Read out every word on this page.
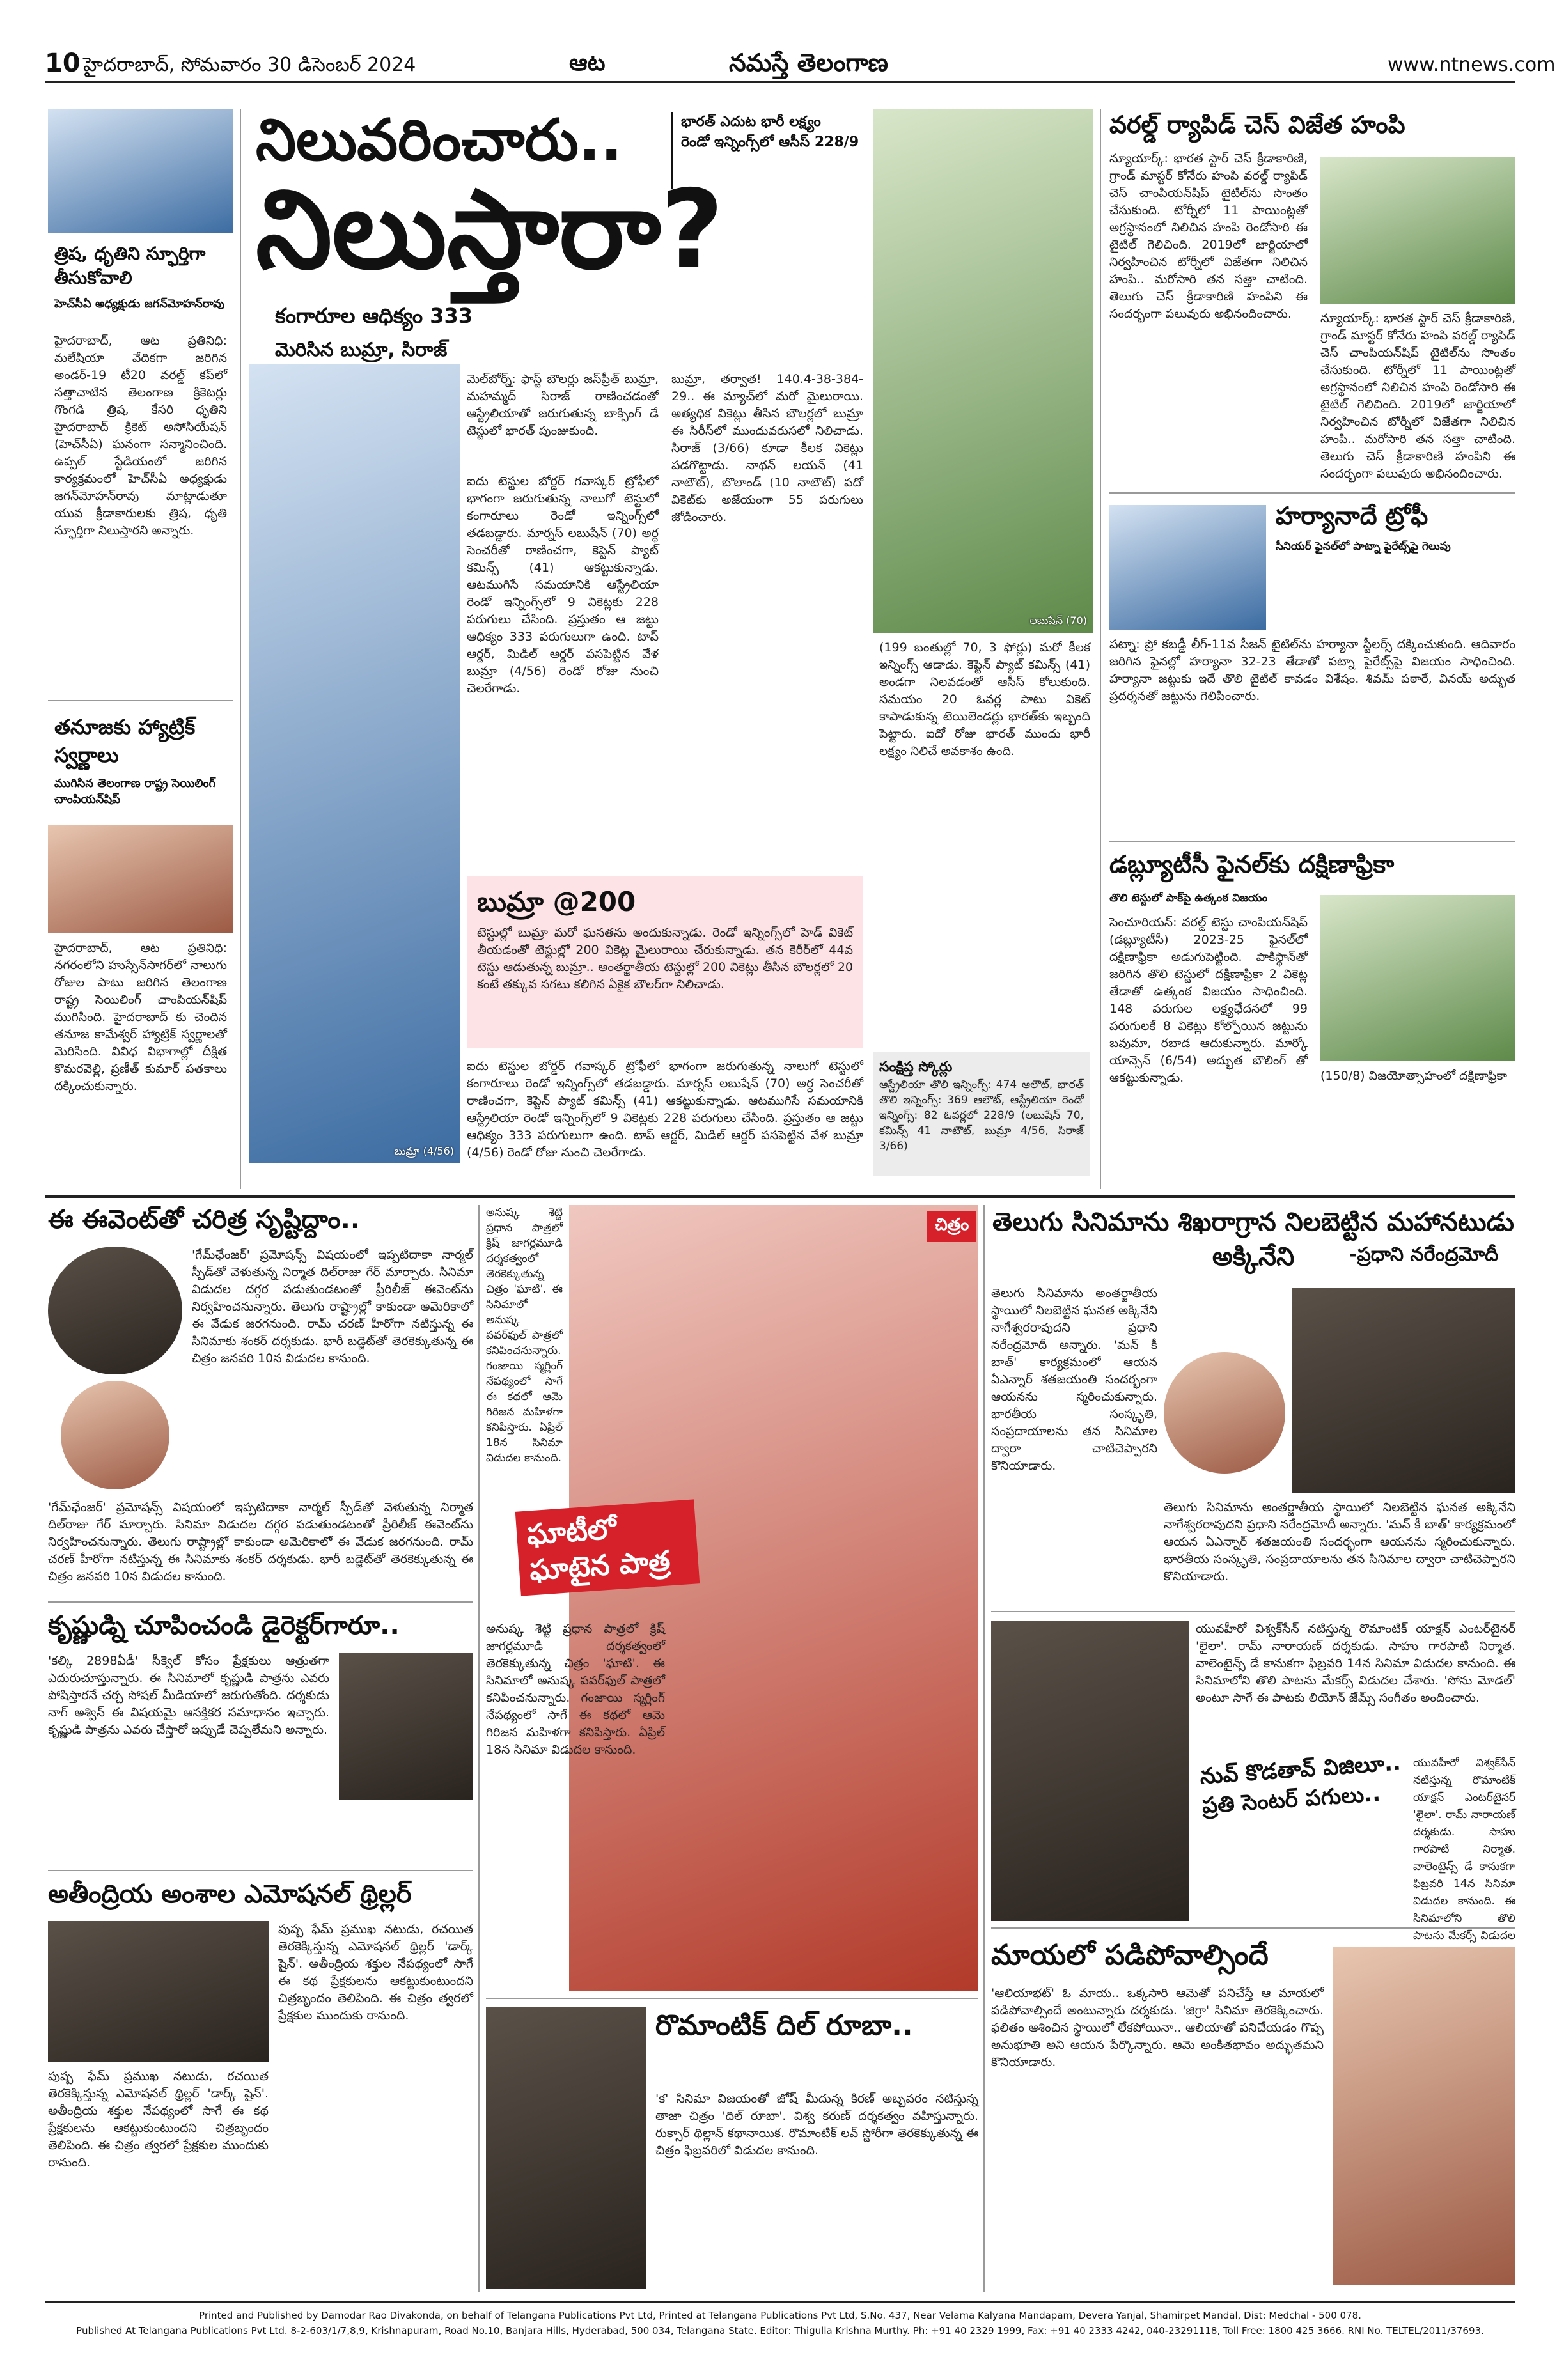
10 హైదరాబాద్, సోమవారం 30 డిసెంబర్ 2024	ఆట	నమస్తే తెలంగాణ	www.ntnews.com
త్రిష, ధృతిని స్ఫూర్తిగా తీసుకోవాలి
హెచ్‌సీఏ అధ్యక్షుడు జగన్‌మోహన్‌రావు
హైదరాబాద్, ఆట ప్రతినిధి: మలేషియా వేదికగా జరిగిన అండర్-19 టీ20 వరల్డ్ కప్‌లో సత్తాచాటిన తెలంగాణ క్రికెటర్లు గొంగడి త్రిష, కేసరి ధృతిని హైదరాబాద్ క్రికెట్ అసోసియేషన్ (హెచ్‌సీఏ) ఘనంగా సన్మానించింది. ఉప్పల్ స్టేడియంలో జరిగిన కార్యక్రమంలో హెచ్‌సీఏ అధ్యక్షుడు జగన్‌మోహన్‌రావు మాట్లాడుతూ యువ క్రీడాకారులకు త్రిష, ధృతి స్ఫూర్తిగా నిలుస్తారని అన్నారు.
తనూజకు హ్యాట్రిక్ స్వర్ణాలు
ముగిసిన తెలంగాణ రాష్ట్ర సెయిలింగ్ చాంపియన్‌షిప్
హైదరాబాద్, ఆట ప్రతినిధి: నగరంలోని హుస్సేన్‌సాగర్‌లో నాలుగు రోజుల పాటు జరిగిన తెలంగాణ రాష్ట్ర సెయిలింగ్ చాంపియన్‌షిప్ ముగిసింది. హైదరాబాద్ కు చెందిన తనూజ కామేశ్వర్ హ్యాట్రిక్ స్వర్ణాలతో మెరిసింది. వివిధ విభాగాల్లో దీక్షిత కొమరవెల్లి, ప్రణీత్ కుమార్ పతకాలు దక్కించుకున్నారు.
నిలువరించారు..
నిలుస్తారా?
భారత్ ఎదుట భారీ లక్ష్యం
రెండో ఇన్నింగ్స్‌లో ఆసీస్ 228/9
కంగారూల ఆధిక్యం 333
మెరిసిన బుమ్రా, సిరాజ్
బుమ్రా (4/56)
మెల్‌బోర్న్: ఫాస్ట్ బౌలర్లు జస్‌ప్రీత్ బుమ్రా, మహమ్మద్ సిరాజ్ రాణించడంతో ఆస్ట్రేలియాతో జరుగుతున్న బాక్సింగ్ డే టెస్టులో భారత్ పుంజుకుంది.
ఐదు టెస్టుల బోర్డర్ గవాస్కర్ ట్రోఫీలో భాగంగా జరుగుతున్న నాలుగో టెస్టులో కంగారూలు రెండో ఇన్నింగ్స్‌లో తడబడ్డారు. మార్నస్ లబుషేన్ (70) అర్ధ సెంచరీతో రాణించగా, కెప్టెన్ ప్యాట్ కమిన్స్ (41) ఆకట్టుకున్నాడు. ఆటముగిసే సమయానికి ఆస్ట్రేలియా రెండో ఇన్నింగ్స్‌లో 9 వికెట్లకు 228 పరుగులు చేసింది. ప్రస్తుతం ఆ జట్టు ఆధిక్యం 333 పరుగులుగా ఉంది. టాప్ ఆర్డర్, మిడిల్ ఆర్డర్ పసపెట్టిన వేళ బుమ్రా (4/56) రెండో రోజు నుంచి చెలరేగాడు.
బుమ్రా, తర్వాత! 140.4-38-384-29.. ఈ మ్యాచ్‌లో మరో మైలురాయి. అత్యధిక వికెట్లు తీసిన బౌలర్లలో బుమ్రా ఈ సిరీస్‌లో ముందువరుసలో నిలిచాడు. సిరాజ్ (3/66) కూడా కీలక వికెట్లు పడగొట్టాడు. నాథన్ లయన్ (41 నాటౌట్), బొలాండ్ (10 నాటౌట్) పదో వికెట్‌కు అజేయంగా 55 పరుగులు జోడించారు.
లబుషేన్ (70)
(199 బంతుల్లో 70, 3 ఫోర్లు) మరో కీలక ఇన్నింగ్స్ ఆడాడు. కెప్టెన్ ప్యాట్ కమిన్స్ (41) అండగా నిలవడంతో ఆసీస్ కోలుకుంది. సమయం 20 ఓవర్ల పాటు వికెట్ కాపాడుకున్న టెయిలెండర్లు భారత్‌కు ఇబ్బంది పెట్టారు. ఐదో రోజు భారత్ ముందు భారీ లక్ష్యం నిలిచే అవకాశం ఉంది.
బుమ్రా @200
టెస్టుల్లో బుమ్రా మరో ఘనతను అందుకున్నాడు. రెండో ఇన్నింగ్స్‌లో హెడ్ వికెట్ తీయడంతో టెస్టుల్లో 200 వికెట్ల మైలురాయి చేరుకున్నాడు. తన కెరీర్‌లో 44వ టెస్టు ఆడుతున్న బుమ్రా.. అంతర్జాతీయ టెస్టుల్లో 200 వికెట్లు తీసిన బౌలర్లలో 20 కంటే తక్కువ సగటు కలిగిన ఏకైక బౌలర్‌గా నిలిచాడు.
ఐదు టెస్టుల బోర్డర్ గవాస్కర్ ట్రోఫీలో భాగంగా జరుగుతున్న నాలుగో టెస్టులో కంగారూలు రెండో ఇన్నింగ్స్‌లో తడబడ్డారు. మార్నస్ లబుషేన్ (70) అర్ధ సెంచరీతో రాణించగా, కెప్టెన్ ప్యాట్ కమిన్స్ (41) ఆకట్టుకున్నాడు. ఆటముగిసే సమయానికి ఆస్ట్రేలియా రెండో ఇన్నింగ్స్‌లో 9 వికెట్లకు 228 పరుగులు చేసింది. ప్రస్తుతం ఆ జట్టు ఆధిక్యం 333 పరుగులుగా ఉంది. టాప్ ఆర్డర్, మిడిల్ ఆర్డర్ పసపెట్టిన వేళ బుమ్రా (4/56) రెండో రోజు నుంచి చెలరేగాడు.
సంక్షిప్త స్కోర్లు
ఆస్ట్రేలియా తొలి ఇన్నింగ్స్: 474 ఆలౌట్, భారత్ తొలి ఇన్నింగ్స్: 369 ఆలౌట్, ఆస్ట్రేలియా రెండో ఇన్నింగ్స్: 82 ఓవర్లలో 228/9 (లబుషేన్ 70, కమిన్స్ 41 నాటౌట్, బుమ్రా 4/56, సిరాజ్ 3/66)
వరల్డ్ ర్యాపిడ్ చెస్ విజేత హంపి
న్యూయార్క్: భారత స్టార్ చెస్ క్రీడాకారిణి, గ్రాండ్ మాస్టర్ కోనేరు హంపి వరల్డ్ ర్యాపిడ్ చెస్ చాంపియన్‌షిప్ టైటిల్‌ను సొంతం చేసుకుంది. టోర్నీలో 11 పాయింట్లతో అగ్రస్థానంలో నిలిచిన హంపి రెండోసారి ఈ టైటిల్ గెలిచింది. 2019లో జార్జియాలో నిర్వహించిన టోర్నీలో విజేతగా నిలిచిన హంపి.. మరోసారి తన సత్తా చాటింది. తెలుగు చెస్ క్రీడాకారిణి హంపిని ఈ సందర్భంగా పలువురు అభినందించారు.	న్యూయార్క్: భారత స్టార్ చెస్ క్రీడాకారిణి, గ్రాండ్ మాస్టర్ కోనేరు హంపి వరల్డ్ ర్యాపిడ్ చెస్ చాంపియన్‌షిప్ టైటిల్‌ను సొంతం చేసుకుంది. టోర్నీలో 11 పాయింట్లతో అగ్రస్థానంలో నిలిచిన హంపి రెండోసారి ఈ టైటిల్ గెలిచింది. 2019లో జార్జియాలో నిర్వహించిన టోర్నీలో విజేతగా నిలిచిన హంపి.. మరోసారి తన సత్తా చాటింది. తెలుగు చెస్ క్రీడాకారిణి హంపిని ఈ సందర్భంగా పలువురు అభినందించారు.
హర్యానాదే ట్రోఫీ
సీనియర్ ఫైనల్‌లో పాట్నా పైరేట్స్‌పై గెలుపు
పట్నా: ప్రో కబడ్డీ లీగ్-11వ సీజన్ టైటిల్‌ను హర్యానా స్టీలర్స్ దక్కించుకుంది. ఆదివారం జరిగిన ఫైనల్లో హర్యానా 32-23 తేడాతో పట్నా పైరేట్స్‌పై విజయం సాధించింది. హర్యానా జట్టుకు ఇదే తొలి టైటిల్ కావడం విశేషం. శివమ్ పఠారే, వినయ్ అద్భుత ప్రదర్శనతో జట్టును గెలిపించారు.
డబ్ల్యూటీసీ ఫైనల్‌కు దక్షిణాఫ్రికా
తొలి టెస్టులో పాక్‌పై ఉత్కంఠ విజయం
సెంచూరియన్: వరల్డ్ టెస్టు చాంపియన్‌షిప్ (డబ్ల్యూటీసీ) 2023-25 ఫైనల్‌లో దక్షిణాఫ్రికా అడుగుపెట్టింది. పాకిస్థాన్‌తో జరిగిన తొలి టెస్టులో దక్షిణాఫ్రికా 2 వికెట్ల తేడాతో ఉత్కంఠ విజయం సాధించింది. 148 పరుగుల లక్ష్యఛేదనలో 99 పరుగులకే 8 వికెట్లు కోల్పోయిన జట్టును బవుమా, రబాడ ఆదుకున్నారు. మార్కో యాన్సెన్ (6/54) అద్భుత బౌలింగ్ తో ఆకట్టుకున్నాడు.	(150/8) విజయోత్సాహంలో దక్షిణాఫ్రికా
ఈ ఈవెంట్‌తో చరిత్ర సృష్టిద్దాం..
'గేమ్‌ఛేంజర్' ప్రమోషన్స్ విషయంలో ఇప్పటిదాకా నార్మల్ స్పీడ్‌తో వెళుతున్న నిర్మాత దిల్‌రాజు గేర్ మార్చారు. సినిమా విడుదల దగ్గర పడుతుండటంతో ప్రీరిలీజ్ ఈవెంట్‌ను నిర్వహించనున్నారు. తెలుగు రాష్ట్రాల్లో కాకుండా అమెరికాలో ఈ వేడుక జరగనుంది. రామ్ చరణ్ హీరోగా నటిస్తున్న ఈ సినిమాకు శంకర్ దర్శకుడు. భారీ బడ్జెట్‌తో తెరకెక్కుతున్న ఈ చిత్రం జనవరి 10న విడుదల కానుంది.
'గేమ్‌ఛేంజర్' ప్రమోషన్స్ విషయంలో ఇప్పటిదాకా నార్మల్ స్పీడ్‌తో వెళుతున్న నిర్మాత దిల్‌రాజు గేర్ మార్చారు. సినిమా విడుదల దగ్గర పడుతుండటంతో ప్రీరిలీజ్ ఈవెంట్‌ను నిర్వహించనున్నారు. తెలుగు రాష్ట్రాల్లో కాకుండా అమెరికాలో ఈ వేడుక జరగనుంది. రామ్ చరణ్ హీరోగా నటిస్తున్న ఈ సినిమాకు శంకర్ దర్శకుడు. భారీ బడ్జెట్‌తో తెరకెక్కుతున్న ఈ చిత్రం జనవరి 10న విడుదల కానుంది.
కృష్ణుడ్ని చూపించండి డైరెక్టర్‌గారూ..
'కల్కి 2898ఏడీ' సీక్వెల్ కోసం ప్రేక్షకులు ఆత్రుతగా ఎదురుచూస్తున్నారు. ఈ సినిమాలో కృష్ణుడి పాత్రను ఎవరు పోషిస్తారనే చర్చ సోషల్ మీడియాలో జరుగుతోంది. దర్శకుడు నాగ్ అశ్విన్ ఈ విషయమై ఆసక్తికర సమాధానం ఇచ్చారు. కృష్ణుడి పాత్రను ఎవరు చేస్తారో ఇప్పుడే చెప్పలేమని అన్నారు.
అతీంద్రియ అంశాల ఎమోషనల్ థ్రిల్లర్
పుష్ప ఫేమ్ ప్రముఖ నటుడు, రచయిత తెరకెక్కిస్తున్న ఎమోషనల్ థ్రిల్లర్ 'డార్క్ షైన్'. అతీంద్రియ శక్తుల నేపథ్యంలో సాగే ఈ కథ ప్రేక్షకులను ఆకట్టుకుంటుందని చిత్రబృందం తెలిపింది. ఈ చిత్రం త్వరలో ప్రేక్షకుల ముందుకు రానుంది.
పుష్ప ఫేమ్ ప్రముఖ నటుడు, రచయిత తెరకెక్కిస్తున్న ఎమోషనల్ థ్రిల్లర్ 'డార్క్ షైన్'. అతీంద్రియ శక్తుల నేపథ్యంలో సాగే ఈ కథ ప్రేక్షకులను ఆకట్టుకుంటుందని చిత్రబృందం తెలిపింది. ఈ చిత్రం త్వరలో ప్రేక్షకుల ముందుకు రానుంది.
చిత్రం
అనుష్క శెట్టి ప్రధాన పాత్రలో క్రిష్ జాగర్లమూడి దర్శకత్వంలో తెరకెక్కుతున్న చిత్రం 'ఘాటి'. ఈ సినిమాలో అనుష్క పవర్‌ఫుల్ పాత్రలో కనిపించనున్నారు. గంజాయి స్మగ్లింగ్ నేపథ్యంలో సాగే ఈ కథలో ఆమె గిరిజన మహిళగా కనిపిస్తారు. ఏప్రిల్ 18న సినిమా విడుదల కానుంది.
ఘాటీలో
ఘాటైన పాత్ర
అనుష్క శెట్టి ప్రధాన పాత్రలో క్రిష్ జాగర్లమూడి దర్శకత్వంలో తెరకెక్కుతున్న చిత్రం 'ఘాటి'. ఈ సినిమాలో అనుష్క పవర్‌ఫుల్ పాత్రలో కనిపించనున్నారు. గంజాయి స్మగ్లింగ్ నేపథ్యంలో సాగే ఈ కథలో ఆమె గిరిజన మహిళగా కనిపిస్తారు. ఏప్రిల్ 18న సినిమా విడుదల కానుంది.
రొమాంటిక్ దిల్ రూబా..
'క' సినిమా విజయంతో జోష్ మీదున్న కిరణ్ అబ్బవరం నటిస్తున్న తాజా చిత్రం 'దిల్ రూబా'. విశ్వ కరుణ్ దర్శకత్వం వహిస్తున్నారు. రుక్సార్ థిల్లాన్ కథానాయిక. రొమాంటిక్ లవ్ స్టోరీగా తెరకెక్కుతున్న ఈ చిత్రం ఫిబ్రవరిలో విడుదల కానుంది.
తెలుగు సినిమాను శిఖరాగ్రాన నిలబెట్టిన మహానటుడు అక్కినేని	-ప్రధాని నరేంద్రమోదీ
తెలుగు సినిమాను అంతర్జాతీయ స్థాయిలో నిలబెట్టిన ఘనత అక్కినేని నాగేశ్వరరావుదని ప్రధాని నరేంద్రమోదీ అన్నారు. 'మన్ కీ బాత్' కార్యక్రమంలో ఆయన ఏఎన్నార్ శతజయంతి సందర్భంగా ఆయనను స్మరించుకున్నారు. భారతీయ సంస్కృతి, సంప్రదాయాలను తన సినిమాల ద్వారా చాటిచెప్పారని కొనియాడారు.
తెలుగు సినిమాను అంతర్జాతీయ స్థాయిలో నిలబెట్టిన ఘనత అక్కినేని నాగేశ్వరరావుదని ప్రధాని నరేంద్రమోదీ అన్నారు. 'మన్ కీ బాత్' కార్యక్రమంలో ఆయన ఏఎన్నార్ శతజయంతి సందర్భంగా ఆయనను స్మరించుకున్నారు. భారతీయ సంస్కృతి, సంప్రదాయాలను తన సినిమాల ద్వారా చాటిచెప్పారని కొనియాడారు.
యువహీరో విశ్వక్‌సేన్ నటిస్తున్న రొమాంటిక్ యాక్షన్ ఎంటర్‌టైనర్ 'లైలా'. రామ్ నారాయణ్ దర్శకుడు. సాహు గారపాటి నిర్మాత. వాలెంటైన్స్ డే కానుకగా ఫిబ్రవరి 14న సినిమా విడుదల కానుంది. ఈ సినిమాలోని తొలి పాటను మేకర్స్ విడుదల చేశారు. 'సోను మోడల్' అంటూ సాగే ఈ పాటకు లియోన్ జేమ్స్ సంగీతం అందించారు.
నువ్ కొడతావ్ విజిలూ..
ప్రతి సెంటర్ పగులు..
యువహీరో విశ్వక్‌సేన్ నటిస్తున్న రొమాంటిక్ యాక్షన్ ఎంటర్‌టైనర్ 'లైలా'. రామ్ నారాయణ్ దర్శకుడు. సాహు గారపాటి నిర్మాత. వాలెంటైన్స్ డే కానుకగా ఫిబ్రవరి 14న సినిమా విడుదల కానుంది. ఈ సినిమాలోని తొలి పాటను మేకర్స్ విడుదల
మాయలో పడిపోవాల్సిందే
'ఆలియాభట్' ఓ మాయ.. ఒక్కసారి ఆమెతో పనిచేస్తే ఆ మాయలో పడిపోవాల్సిందే అంటున్నారు దర్శకుడు. 'జిగ్రా' సినిమా తెరకెక్కించారు. ఫలితం ఆశించిన స్థాయిలో లేకపోయినా.. ఆలియాతో పనిచేయడం గొప్ప అనుభూతి అని ఆయన పేర్కొన్నారు. ఆమె అంకితభావం అద్భుతమని కొనియాడారు.
Printed and Published by Damodar Rao Divakonda, on behalf of Telangana Publications Pvt Ltd, Printed at Telangana Publications Pvt Ltd, S.No. 437, Near Velama Kalyana Mandapam, Devera Yanjal, Shamirpet Mandal, Dist: Medchal - 500 078.
Published At Telangana Publications Pvt Ltd. 8-2-603/1/7,8,9, Krishnapuram, Road No.10, Banjara Hills, Hyderabad, 500 034, Telangana State. Editor: Thigulla Krishna Murthy. Ph: +91 40 2329 1999, Fax: +91 40 2333 4242, 040-23291118, Toll Free: 1800 425 3666. RNI No. TELTEL/2011/37693.
